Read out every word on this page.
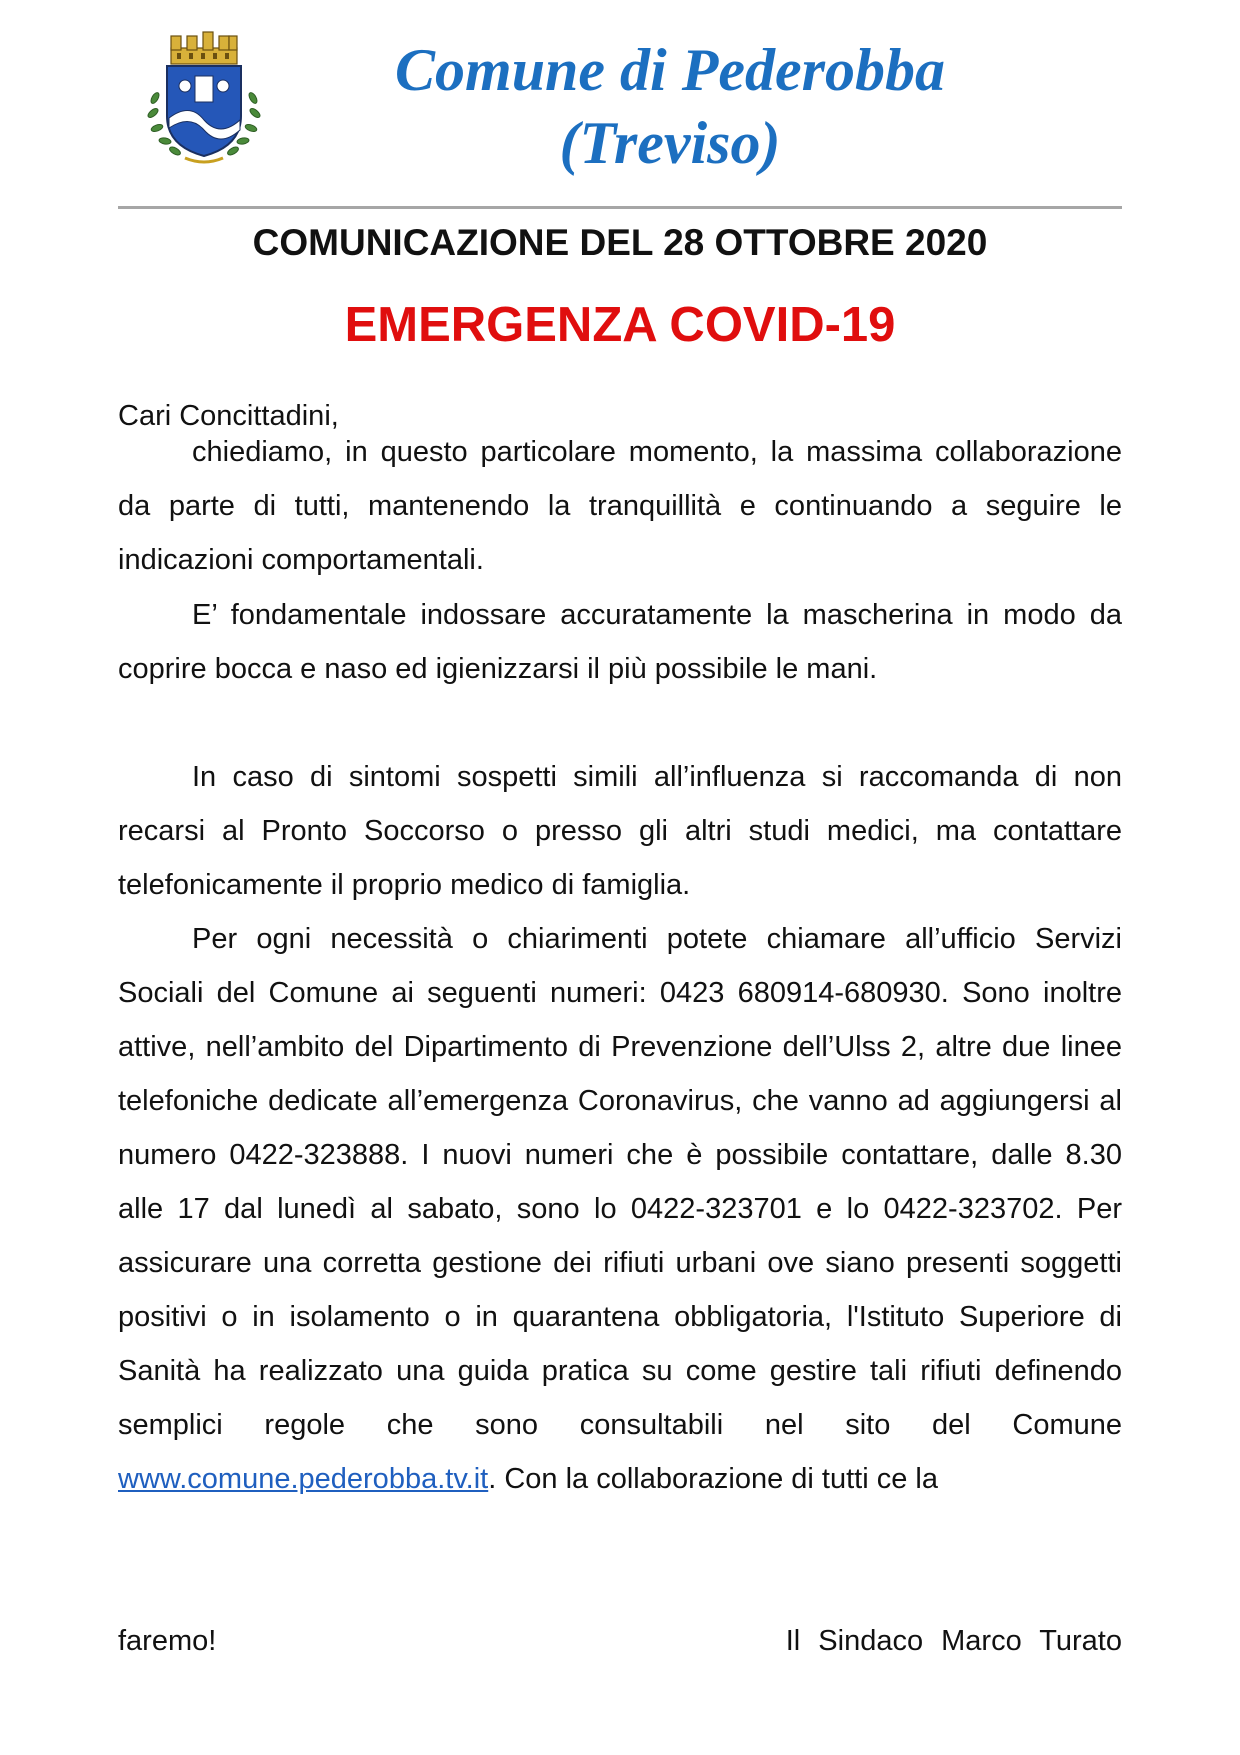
Comune di Pederobba
(Treviso)
COMUNICAZIONE DEL 28 OTTOBRE 2020
EMERGENZA COVID-19
Cari Concittadini,

chiediamo, in questo particolare momento, la massima collaborazione da parte di tutti, mantenendo la tranquillità e continuando a seguire le indicazioni comportamentali.

E’ fondamentale indossare accuratamente la mascherina in modo da coprire bocca e naso ed igienizzarsi il più possibile le mani.

In caso di sintomi sospetti simili all’influenza si raccomanda di non recarsi al Pronto Soccorso o presso gli altri studi medici, ma contattare telefonicamente il proprio medico di famiglia.

Per ogni necessità o chiarimenti potete chiamare all’ufficio Servizi Sociali del Comune ai seguenti numeri: 0423 680914-680930. Sono inoltre attive, nell’ambito del Dipartimento di Prevenzione dell’Ulss 2, altre due linee telefoniche dedicate all’emergenza Coronavirus, che vanno ad aggiungersi al numero 0422-323888. I nuovi numeri che è possibile contattare, dalle 8.30 alle 17 dal lunedì al sabato, sono lo 0422-323701 e lo 0422-323702. Per assicurare una corretta gestione dei rifiuti urbani ove siano presenti soggetti positivi o in isolamento o in quarantena obbligatoria, l'Istituto Superiore di Sanità ha realizzato una guida pratica su come gestire tali rifiuti definendo semplici regole che sono consultabili nel sito del Comune www.comune.pederobba.tv.it. Con la collaborazione di tutti ce la

faremo!	Il Sindaco Marco Turato
